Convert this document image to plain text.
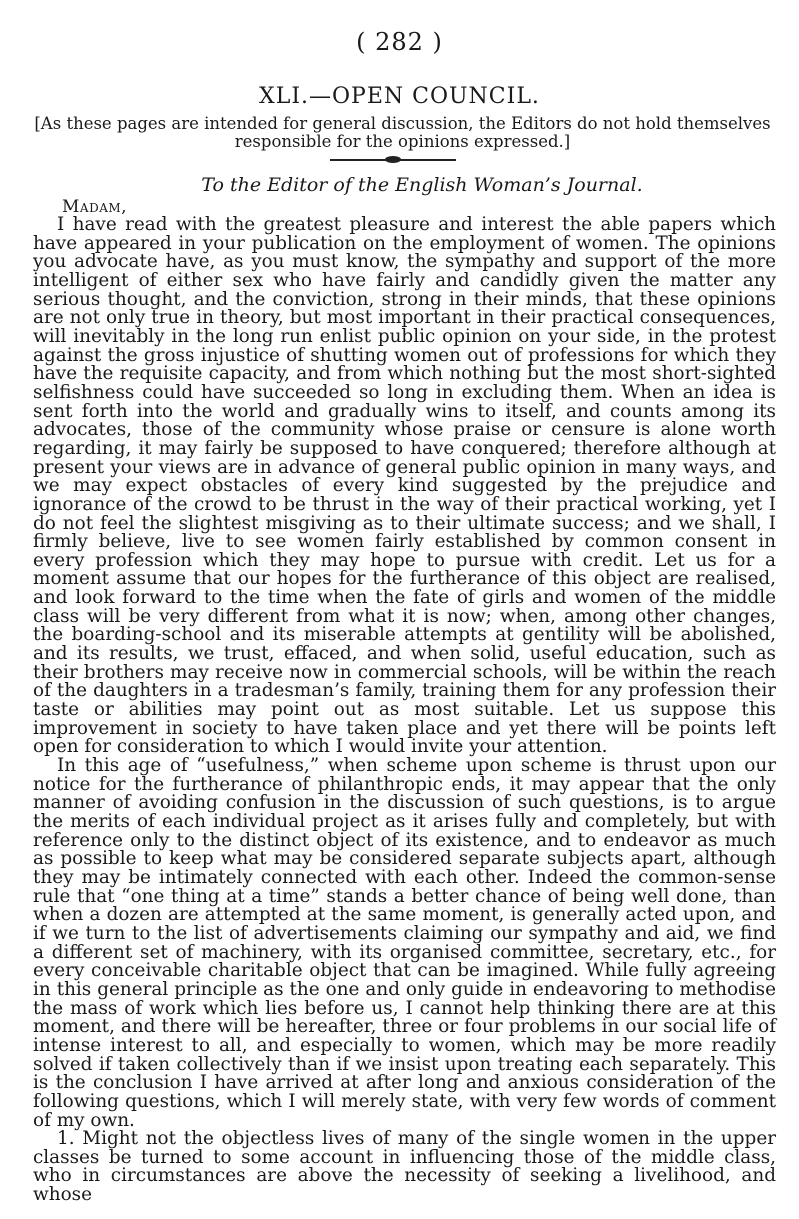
( 282 )
XLI.—OPEN COUNCIL.
[As these pages are intended for general discussion, the Editors do not hold themselves responsible for the opinions expressed.]
To the Editor of the English Woman’s Journal.
Madam,

I have read with the greatest pleasure and interest the able papers which have appeared in your publication on the employment of women. The opinions you advocate have, as you must know, the sympathy and support of the more intelligent of either sex who have fairly and candidly given the matter any serious thought, and the conviction, strong in their minds, that these opinions are not only true in theory, but most important in their practical consequences, will inevitably in the long run enlist public opinion on your side, in the protest against the gross injustice of shutting women out of professions for which they have the requisite capacity, and from which nothing but the most short-sighted selfishness could have succeeded so long in excluding them. When an idea is sent forth into the world and gradually wins to itself, and counts among its advocates, those of the community whose praise or censure is alone worth regarding, it may fairly be supposed to have conquered; therefore although at present your views are in advance of general public opinion in many ways, and we may expect obstacles of every kind suggested by the prejudice and ignorance of the crowd to be thrust in the way of their practical working, yet I do not feel the slightest misgiving as to their ultimate success; and we shall, I firmly believe, live to see women fairly established by common consent in every profession which they may hope to pursue with credit. Let us for a moment assume that our hopes for the furtherance of this object are realised, and look forward to the time when the fate of girls and women of the middle class will be very different from what it is now; when, among other changes, the boarding-school and its miserable attempts at gentility will be abolished, and its results, we trust, effaced, and when solid, useful education, such as their brothers may receive now in commercial schools, will be within the reach of the daughters in a tradesman’s family, training them for any profession their taste or abilities may point out as most suitable. Let us suppose this improvement in society to have taken place and yet there will be points left open for consideration to which I would invite your attention.

In this age of “usefulness,” when scheme upon scheme is thrust upon our notice for the furtherance of philanthropic ends, it may appear that the only manner of avoiding confusion in the discussion of such questions, is to argue the merits of each individual project as it arises fully and completely, but with reference only to the distinct object of its existence, and to endeavor as much as possible to keep what may be considered separate subjects apart, although they may be intimately connected with each other. Indeed the common-sense rule that “one thing at a time” stands a better chance of being well done, than when a dozen are attempted at the same moment, is generally acted upon, and if we turn to the list of advertisements claiming our sympathy and aid, we find a different set of machinery, with its organised committee, secretary, etc., for every conceivable charitable object that can be imagined. While fully agreeing in this general principle as the one and only guide in endeavoring to methodise the mass of work which lies before us, I cannot help thinking there are at this moment, and there will be hereafter, three or four problems in our social life of intense interest to all, and especially to women, which may be more readily solved if taken collectively than if we insist upon treating each separately. This is the conclusion I have arrived at after long and anxious consideration of the following questions, which I will merely state, with very few words of comment of my own.

1. Might not the objectless lives of many of the single women in the upper classes be turned to some account in influencing those of the middle class, who in circumstances are above the necessity of seeking a livelihood, and whose
